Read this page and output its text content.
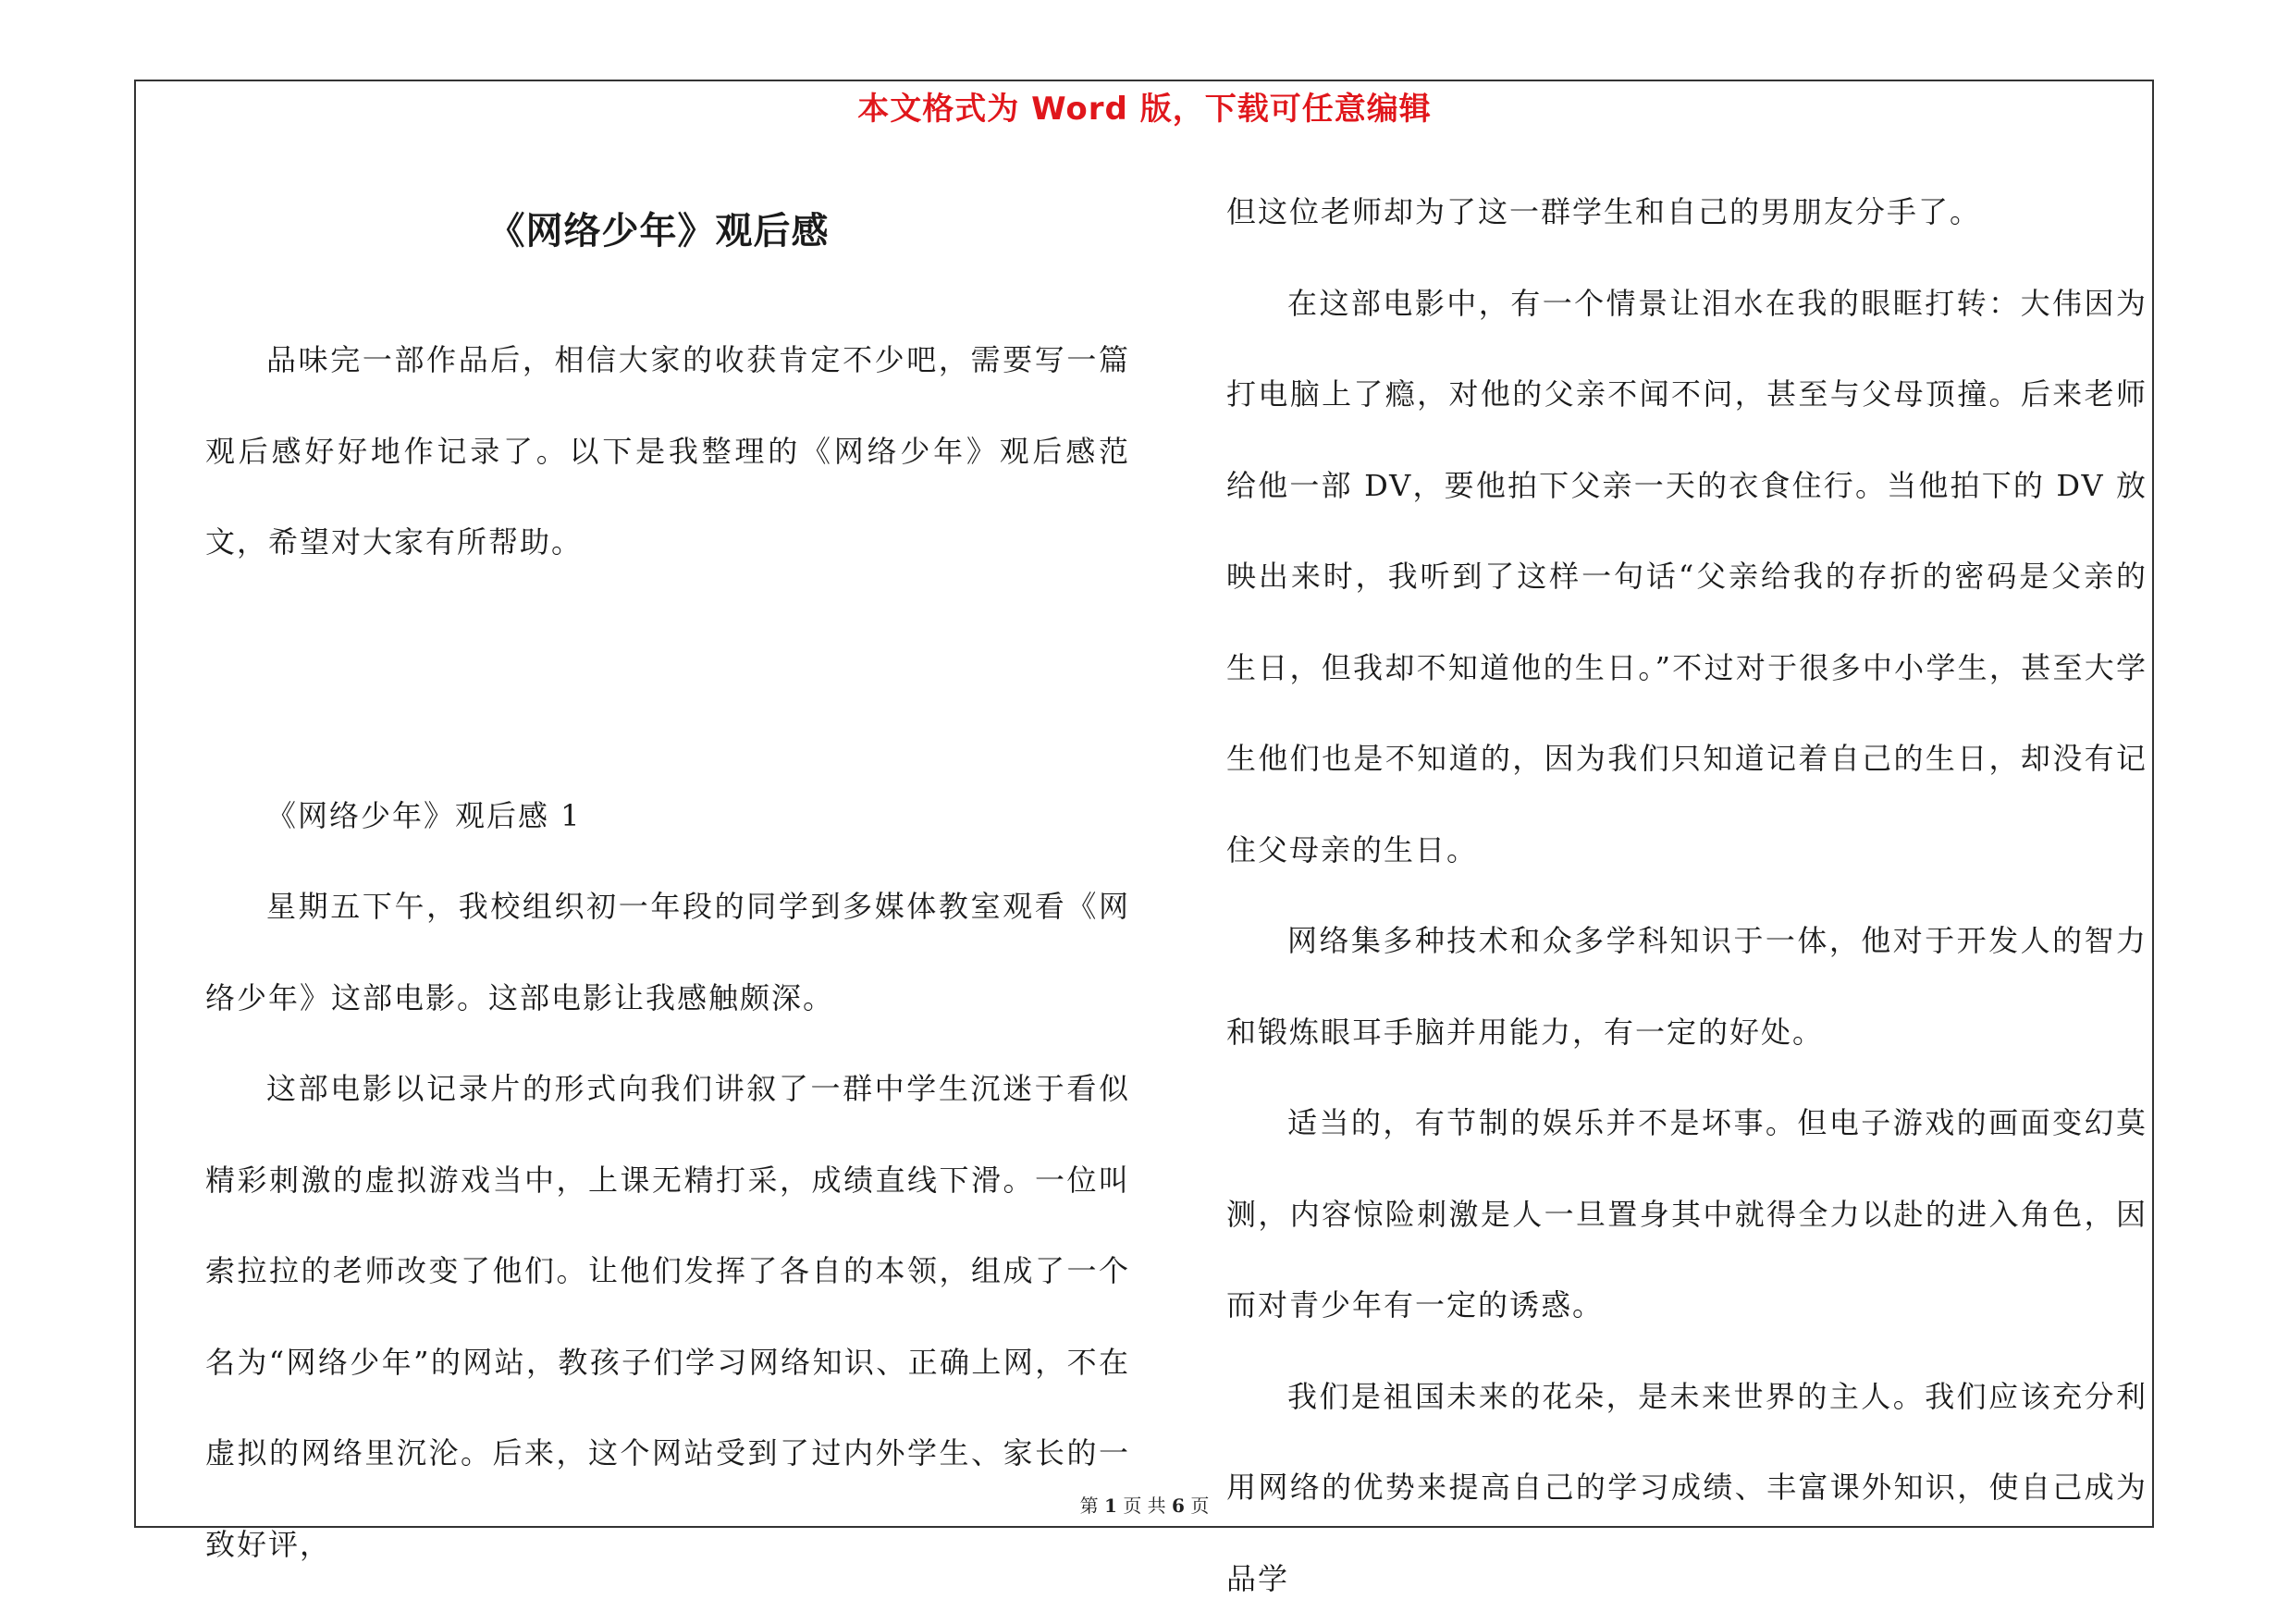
本文格式为 Word 版，下载可任意编辑
《网络少年》观后感

品味完一部作品后，相信大家的收获肯定不少吧，需要写一篇观后感好好地作记录了。以下是我整理的《网络少年》观后感范文，希望对大家有所帮助。

《网络少年》观后感 1

星期五下午，我校组织初一年段的同学到多媒体教室观看《网络少年》这部电影。这部电影让我感触颇深。

这部电影以记录片的形式向我们讲叙了一群中学生沉迷于看似精彩刺激的虚拟游戏当中，上课无精打采，成绩直线下滑。一位叫索拉拉的老师改变了他们。让他们发挥了各自的本领，组成了一个名为“网络少年”的网站，教孩子们学习网络知识、正确上网，不在虚拟的网络里沉沦。后来，这个网站受到了过内外学生、家长的一致好评，

但这位老师却为了这一群学生和自己的男朋友分手了。

在这部电影中，有一个情景让泪水在我的眼眶打转：大伟因为打电脑上了瘾，对他的父亲不闻不问，甚至与父母顶撞。后来老师给他一部 DV，要他拍下父亲一天的衣食住行。当他拍下的 DV 放映出来时，我听到了这样一句话“父亲给我的存折的密码是父亲的生日，但我却不知道他的生日。”不过对于很多中小学生，甚至大学生他们也是不知道的，因为我们只知道记着自己的生日，却没有记住父母亲的生日。

网络集多种技术和众多学科知识于一体，他对于开发人的智力和锻炼眼耳手脑并用能力，有一定的好处。

适当的，有节制的娱乐并不是坏事。但电子游戏的画面变幻莫测，内容惊险刺激是人一旦置身其中就得全力以赴的进入角色，因而对青少年有一定的诱惑。

我们是祖国未来的花朵，是未来世界的主人。我们应该充分利用网络的优势来提高自己的学习成绩、丰富课外知识，使自己成为品学

第 1 页 共 6 页
